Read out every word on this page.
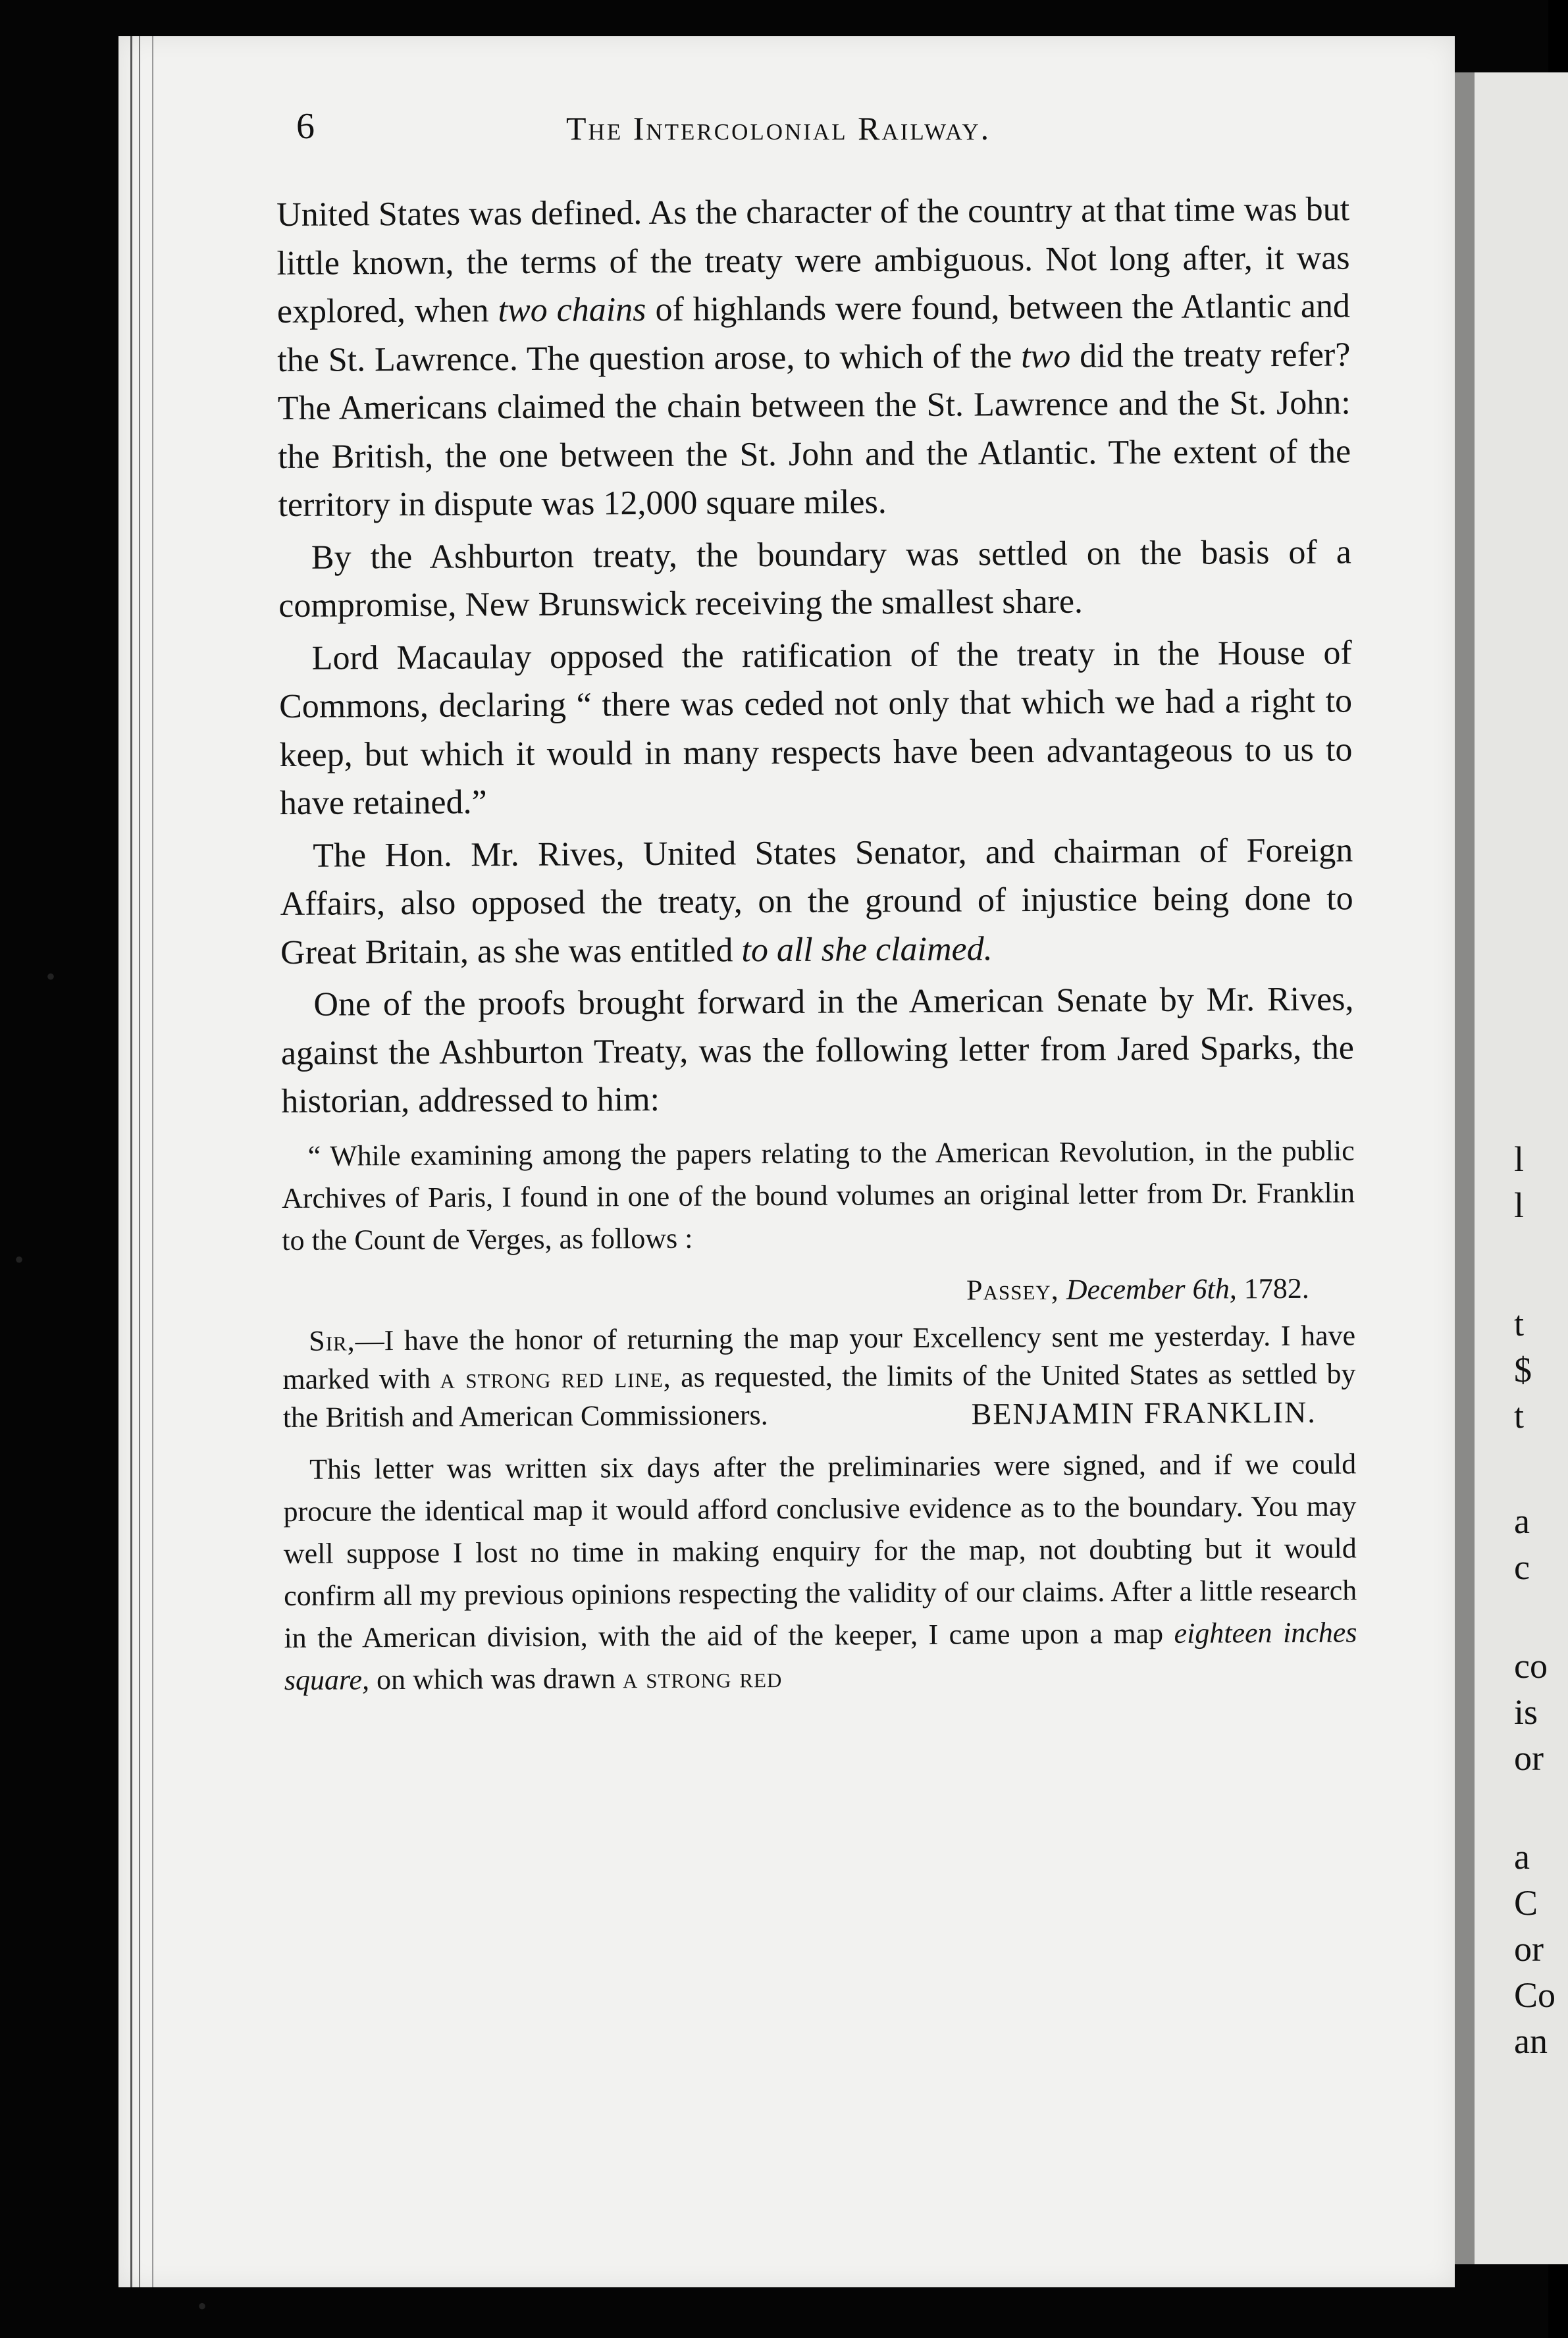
l
l
t
$
t
a
c
co
is
or
a
C
or
Co
an
6	The Intercolonial Railway.

United States was defined. As the character of the country at that time was but little known, the terms of the treaty were ambiguous. Not long after, it was explored, when two chains of highlands were found, between the Atlantic and the St. Lawrence. The question arose, to which of the two did the treaty refer? The Americans claimed the chain between the St. Lawrence and the St. John: the British, the one between the St. John and the Atlantic. The extent of the territory in dispute was 12,000 square miles.

By the Ashburton treaty, the boundary was settled on the basis of a compromise, New Brunswick receiving the smallest share.

Lord Macaulay opposed the ratification of the treaty in the House of Commons, declaring “ there was ceded not only that which we had a right to keep, but which it would in many respects have been advantageous to us to have retained.”

The Hon. Mr. Rives, United States Senator, and chairman of Foreign Affairs, also opposed the treaty, on the ground of injustice being done to Great Britain, as she was entitled to all she claimed.

One of the proofs brought forward in the American Senate by Mr. Rives, against the Ashburton Treaty, was the following letter from Jared Sparks, the historian, addressed to him:

“ While examining among the papers relating to the American Revolution, in the public Archives of Paris, I found in one of the bound volumes an original letter from Dr. Franklin to the Count de Verges, as follows :

Passey, December 6th, 1782.

Sir,—I have the honor of returning the map your Excellency sent me yesterday. I have marked with a strong red line, as requested, the limits of the United States as settled by the British and American Commissioners.	BENJAMIN FRANKLIN.

This letter was written six days after the preliminaries were signed, and if we could procure the identical map it would afford conclusive evidence as to the boundary. You may well suppose I lost no time in making enquiry for the map, not doubting but it would confirm all my previous opinions respecting the validity of our claims. After a little research in the American division, with the aid of the keeper, I came upon a map eighteen inches square, on which was drawn a strong red

•
•
•
